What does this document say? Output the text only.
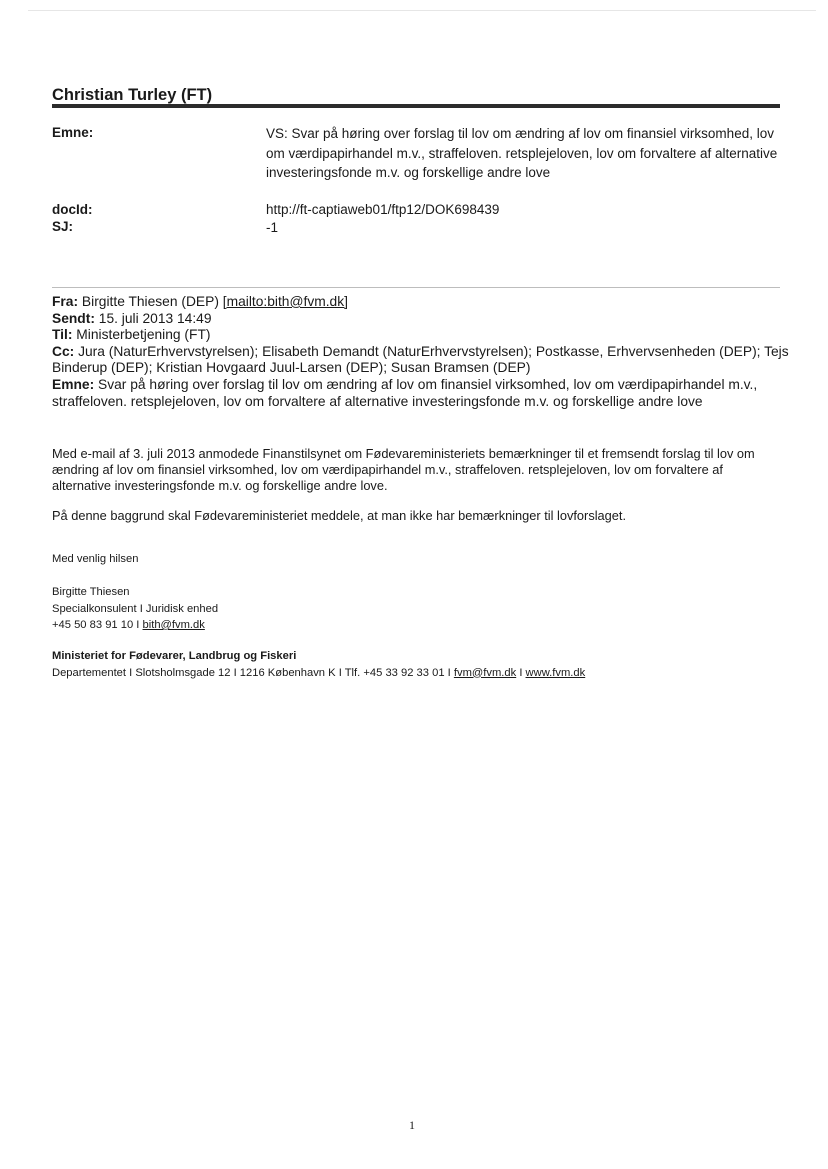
Christian Turley (FT)
Emne:	VS: Svar på høring over forslag til lov om ændring af lov om finansiel virksomhed, lov om værdipapirhandel m.v., straffeloven. retsplejeloven, lov om forvaltere af alternative investeringsfonde m.v. og forskellige andre love
docId:	http://ft-captiaweb01/ftp12/DOK698439
SJ:	-1
Fra: Birgitte Thiesen (DEP) [mailto:bith@fvm.dk]
Sendt: 15. juli 2013 14:49
Til: Ministerbetjening (FT)
Cc: Jura (NaturErhvervstyrelsen); Elisabeth Demandt (NaturErhvervstyrelsen); Postkasse, Erhvervsenheden (DEP); Tejs Binderup (DEP); Kristian Hovgaard Juul-Larsen (DEP); Susan Bramsen (DEP)
Emne: Svar på høring over forslag til lov om ændring af lov om finansiel virksomhed, lov om værdipapirhandel m.v., straffeloven. retsplejeloven, lov om forvaltere af alternative investeringsfonde m.v. og forskellige andre love
Med e-mail af 3. juli 2013 anmodede Finanstilsynet om Fødevareministeriets bemærkninger til et fremsendt forslag til lov om ændring af lov om finansiel virksomhed, lov om værdipapirhandel m.v., straffeloven. retsplejeloven, lov om forvaltere af alternative investeringsfonde m.v. og forskellige andre love.
På denne baggrund skal Fødevareministeriet meddele, at man ikke har bemærkninger til lovforslaget.
Med venlig hilsen
Birgitte Thiesen
Specialkonsulent I Juridisk enhed
+45 50 83 91 10 I bith@fvm.dk
Ministeriet for Fødevarer, Landbrug og Fiskeri
Departementet I Slotsholmsgade 12 I 1216 København K I Tlf. +45 33 92 33 01 I fvm@fvm.dk I www.fvm.dk
1
